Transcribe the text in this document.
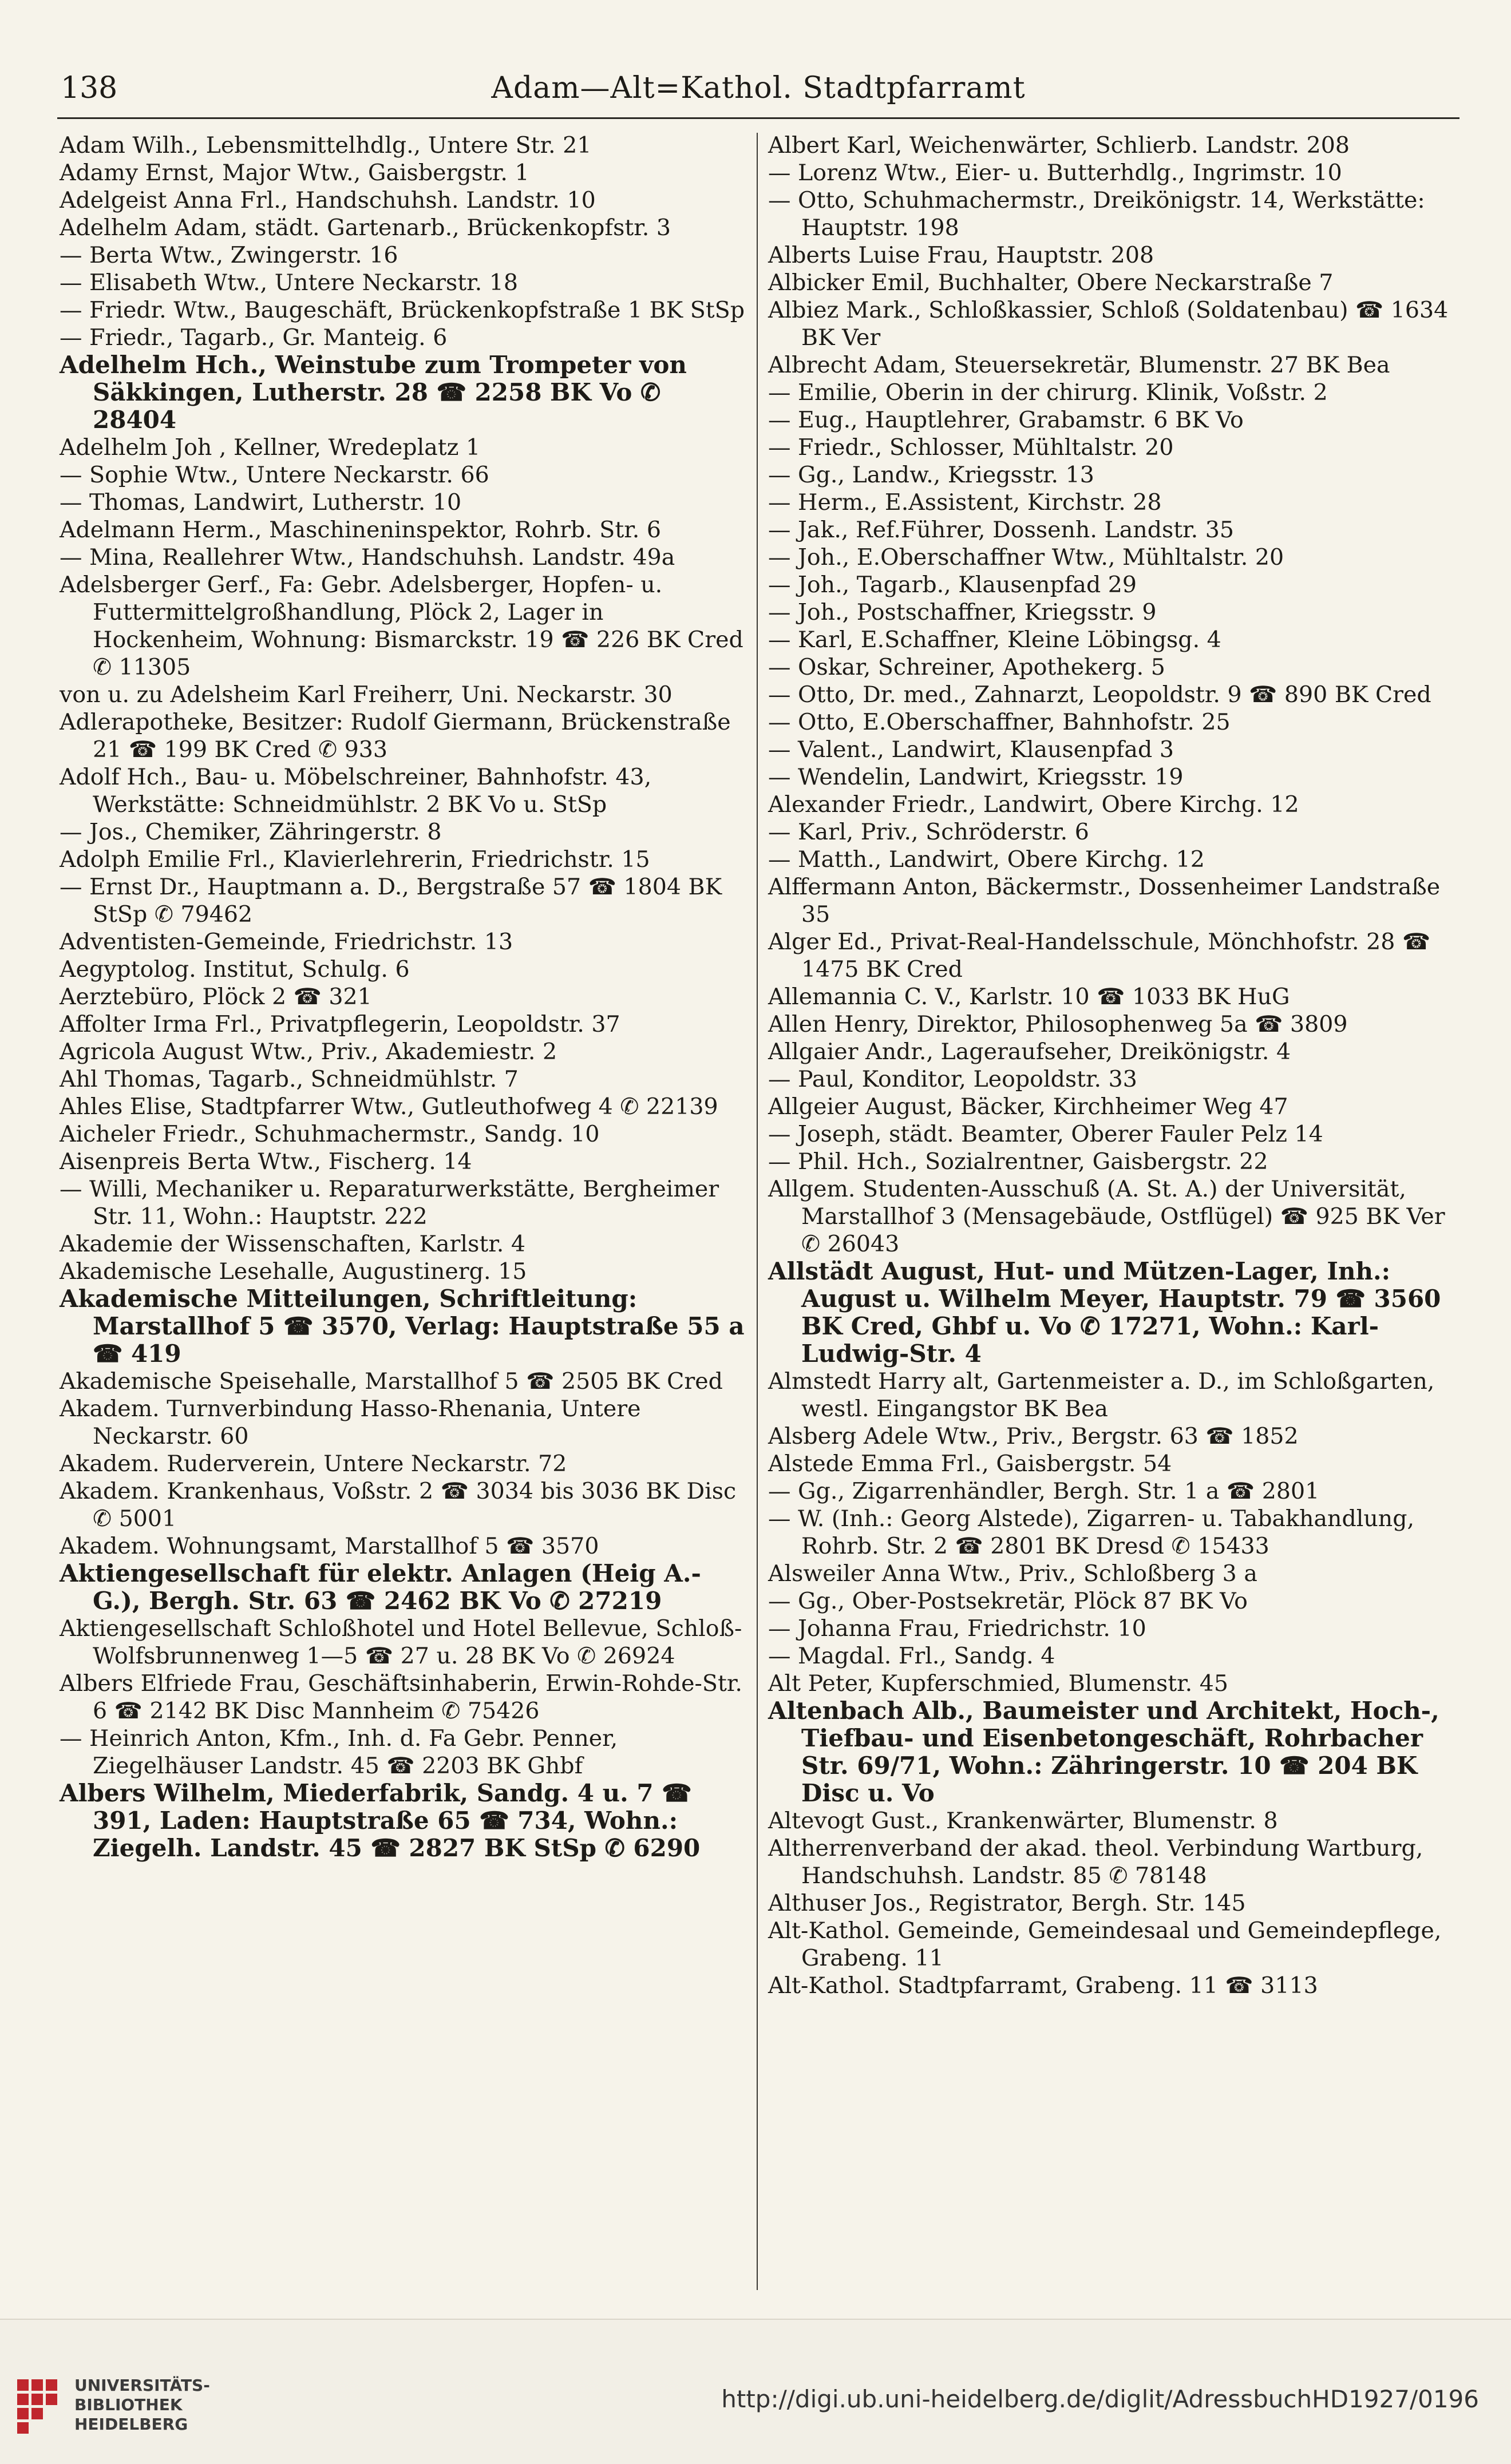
138	Adam—Alt=Kathol. Stadtpfarramt

Adam Wilh., Lebensmittelhdlg., Untere Str. 21

Adamy Ernst, Major Wtw., Gaisbergstr. 1

Adelgeist Anna Frl., Handschuhsh. Landstr. 10

Adelhelm Adam, städt. Gartenarb., Brückenkopfstr. 3

— Berta Wtw., Zwingerstr. 16

— Elisabeth Wtw., Untere Neckarstr. 18

— Friedr. Wtw., Baugeschäft, Brückenkopfstraße 1 BK StSp

— Friedr., Tagarb., Gr. Manteig. 6

Adelhelm Hch., Weinstube zum Trompeter von Säkkingen, Lutherstr. 28 ☎ 2258 BK Vo ✆ 28404

Adelhelm Joh , Kellner, Wredeplatz 1

— Sophie Wtw., Untere Neckarstr. 66

— Thomas, Landwirt, Lutherstr. 10

Adelmann Herm., Maschineninspektor, Rohrb. Str. 6

— Mina, Reallehrer Wtw., Handschuhsh. Landstr. 49a

Adelsberger Gerf., Fa: Gebr. Adelsberger, Hopfen- u. Futtermittelgroßhandlung, Plöck 2, Lager in Hockenheim, Wohnung: Bismarckstr. 19 ☎ 226 BK Cred ✆ 11305

von u. zu Adelsheim Karl Freiherr, Uni. Neckarstr. 30

Adlerapotheke, Besitzer: Rudolf Giermann, Brückenstraße 21 ☎ 199 BK Cred ✆ 933

Adolf Hch., Bau- u. Möbelschreiner, Bahnhofstr. 43, Werkstätte: Schneidmühlstr. 2 BK Vo u. StSp

— Jos., Chemiker, Zähringerstr. 8

Adolph Emilie Frl., Klavierlehrerin, Friedrichstr. 15

— Ernst Dr., Hauptmann a. D., Bergstraße 57 ☎ 1804 BK StSp ✆ 79462

Adventisten-Gemeinde, Friedrichstr. 13

Aegyptolog. Institut, Schulg. 6

Aerztebüro, Plöck 2 ☎ 321

Affolter Irma Frl., Privatpflegerin, Leopoldstr. 37

Agricola August Wtw., Priv., Akademiestr. 2

Ahl Thomas, Tagarb., Schneidmühlstr. 7

Ahles Elise, Stadtpfarrer Wtw., Gutleuthofweg 4 ✆ 22139

Aicheler Friedr., Schuhmachermstr., Sandg. 10

Aisenpreis Berta Wtw., Fischerg. 14

— Willi, Mechaniker u. Reparaturwerkstätte, Bergheimer Str. 11, Wohn.: Hauptstr. 222

Akademie der Wissenschaften, Karlstr. 4

Akademische Lesehalle, Augustinerg. 15

Akademische Mitteilungen, Schriftleitung: Marstallhof 5 ☎ 3570, Verlag: Hauptstraße 55 a ☎ 419

Akademische Speisehalle, Marstallhof 5 ☎ 2505 BK Cred

Akadem. Turnverbindung Hasso-Rhenania, Untere Neckarstr. 60

Akadem. Ruderverein, Untere Neckarstr. 72

Akadem. Krankenhaus, Voßstr. 2 ☎ 3034 bis 3036 BK Disc ✆ 5001

Akadem. Wohnungsamt, Marstallhof 5 ☎ 3570

Aktiengesellschaft für elektr. Anlagen (Heig A.-G.), Bergh. Str. 63 ☎ 2462 BK Vo ✆ 27219

Aktiengesellschaft Schloßhotel und Hotel Bellevue, Schloß-Wolfsbrunnenweg 1—5 ☎ 27 u. 28 BK Vo ✆ 26924

Albers Elfriede Frau, Geschäftsinhaberin, Erwin-Rohde-Str. 6 ☎ 2142 BK Disc Mannheim ✆ 75426

— Heinrich Anton, Kfm., Inh. d. Fa Gebr. Penner, Ziegelhäuser Landstr. 45 ☎ 2203 BK Ghbf

Albers Wilhelm, Miederfabrik, Sandg. 4 u. 7 ☎ 391, Laden: Hauptstraße 65 ☎ 734, Wohn.: Ziegelh. Landstr. 45 ☎ 2827 BK StSp ✆ 6290

Albert Karl, Weichenwärter, Schlierb. Landstr. 208

— Lorenz Wtw., Eier- u. Butterhdlg., Ingrimstr. 10

— Otto, Schuhmachermstr., Dreikönigstr. 14, Werkstätte: Hauptstr. 198

Alberts Luise Frau, Hauptstr. 208

Albicker Emil, Buchhalter, Obere Neckarstraße 7

Albiez Mark., Schloßkassier, Schloß (Soldatenbau) ☎ 1634 BK Ver

Albrecht Adam, Steuersekretär, Blumenstr. 27 BK Bea

— Emilie, Oberin in der chirurg. Klinik, Voßstr. 2

— Eug., Hauptlehrer, Grabamstr. 6 BK Vo

— Friedr., Schlosser, Mühltalstr. 20

— Gg., Landw., Kriegsstr. 13

— Herm., E.Assistent, Kirchstr. 28

— Jak., Ref.Führer, Dossenh. Landstr. 35

— Joh., E.Oberschaffner Wtw., Mühltalstr. 20

— Joh., Tagarb., Klausenpfad 29

— Joh., Postschaffner, Kriegsstr. 9

— Karl, E.Schaffner, Kleine Löbingsg. 4

— Oskar, Schreiner, Apothekerg. 5

— Otto, Dr. med., Zahnarzt, Leopoldstr. 9 ☎ 890 BK Cred

— Otto, E.Oberschaffner, Bahnhofstr. 25

— Valent., Landwirt, Klausenpfad 3

— Wendelin, Landwirt, Kriegsstr. 19

Alexander Friedr., Landwirt, Obere Kirchg. 12

— Karl, Priv., Schröderstr. 6

— Matth., Landwirt, Obere Kirchg. 12

Alffermann Anton, Bäckermstr., Dossenheimer Landstraße 35

Alger Ed., Privat-Real-Handelsschule, Mönchhofstr. 28 ☎ 1475 BK Cred

Allemannia C. V., Karlstr. 10 ☎ 1033 BK HuG

Allen Henry, Direktor, Philosophenweg 5a ☎ 3809

Allgaier Andr., Lageraufseher, Dreikönigstr. 4

— Paul, Konditor, Leopoldstr. 33

Allgeier August, Bäcker, Kirchheimer Weg 47

— Joseph, städt. Beamter, Oberer Fauler Pelz 14

— Phil. Hch., Sozialrentner, Gaisbergstr. 22

Allgem. Studenten-Ausschuß (A. St. A.) der Universität, Marstallhof 3 (Mensagebäude, Ostflügel) ☎ 925 BK Ver ✆ 26043

Allstädt August, Hut- und Mützen-Lager, Inh.: August u. Wilhelm Meyer, Hauptstr. 79 ☎ 3560 BK Cred, Ghbf u. Vo ✆ 17271, Wohn.: Karl-Ludwig-Str. 4

Almstedt Harry alt, Gartenmeister a. D., im Schloßgarten, westl. Eingangstor BK Bea

Alsberg Adele Wtw., Priv., Bergstr. 63 ☎ 1852

Alstede Emma Frl., Gaisbergstr. 54

— Gg., Zigarrenhändler, Bergh. Str. 1 a ☎ 2801

— W. (Inh.: Georg Alstede), Zigarren- u. Tabakhandlung, Rohrb. Str. 2 ☎ 2801 BK Dresd ✆ 15433

Alsweiler Anna Wtw., Priv., Schloßberg 3 a

— Gg., Ober-Postsekretär, Plöck 87 BK Vo

— Johanna Frau, Friedrichstr. 10

— Magdal. Frl., Sandg. 4

Alt Peter, Kupferschmied, Blumenstr. 45

Altenbach Alb., Baumeister und Architekt, Hoch-, Tiefbau- und Eisenbetongeschäft, Rohrbacher Str. 69/71, Wohn.: Zähringerstr. 10 ☎ 204 BK Disc u. Vo

Altevogt Gust., Krankenwärter, Blumenstr. 8

Altherrenverband der akad. theol. Verbindung Wartburg, Handschuhsh. Landstr. 85 ✆ 78148

Althuser Jos., Registrator, Bergh. Str. 145

Alt-Kathol. Gemeinde, Gemeindesaal und Gemeindepflege, Grabeng. 11

Alt-Kathol. Stadtpfarramt, Grabeng. 11 ☎ 3113

UNIVERSITÄTS-
BIBLIOTHEK
HEIDELBERG
http://digi.ub.uni-heidelberg.de/diglit/AdressbuchHD1927/0196
